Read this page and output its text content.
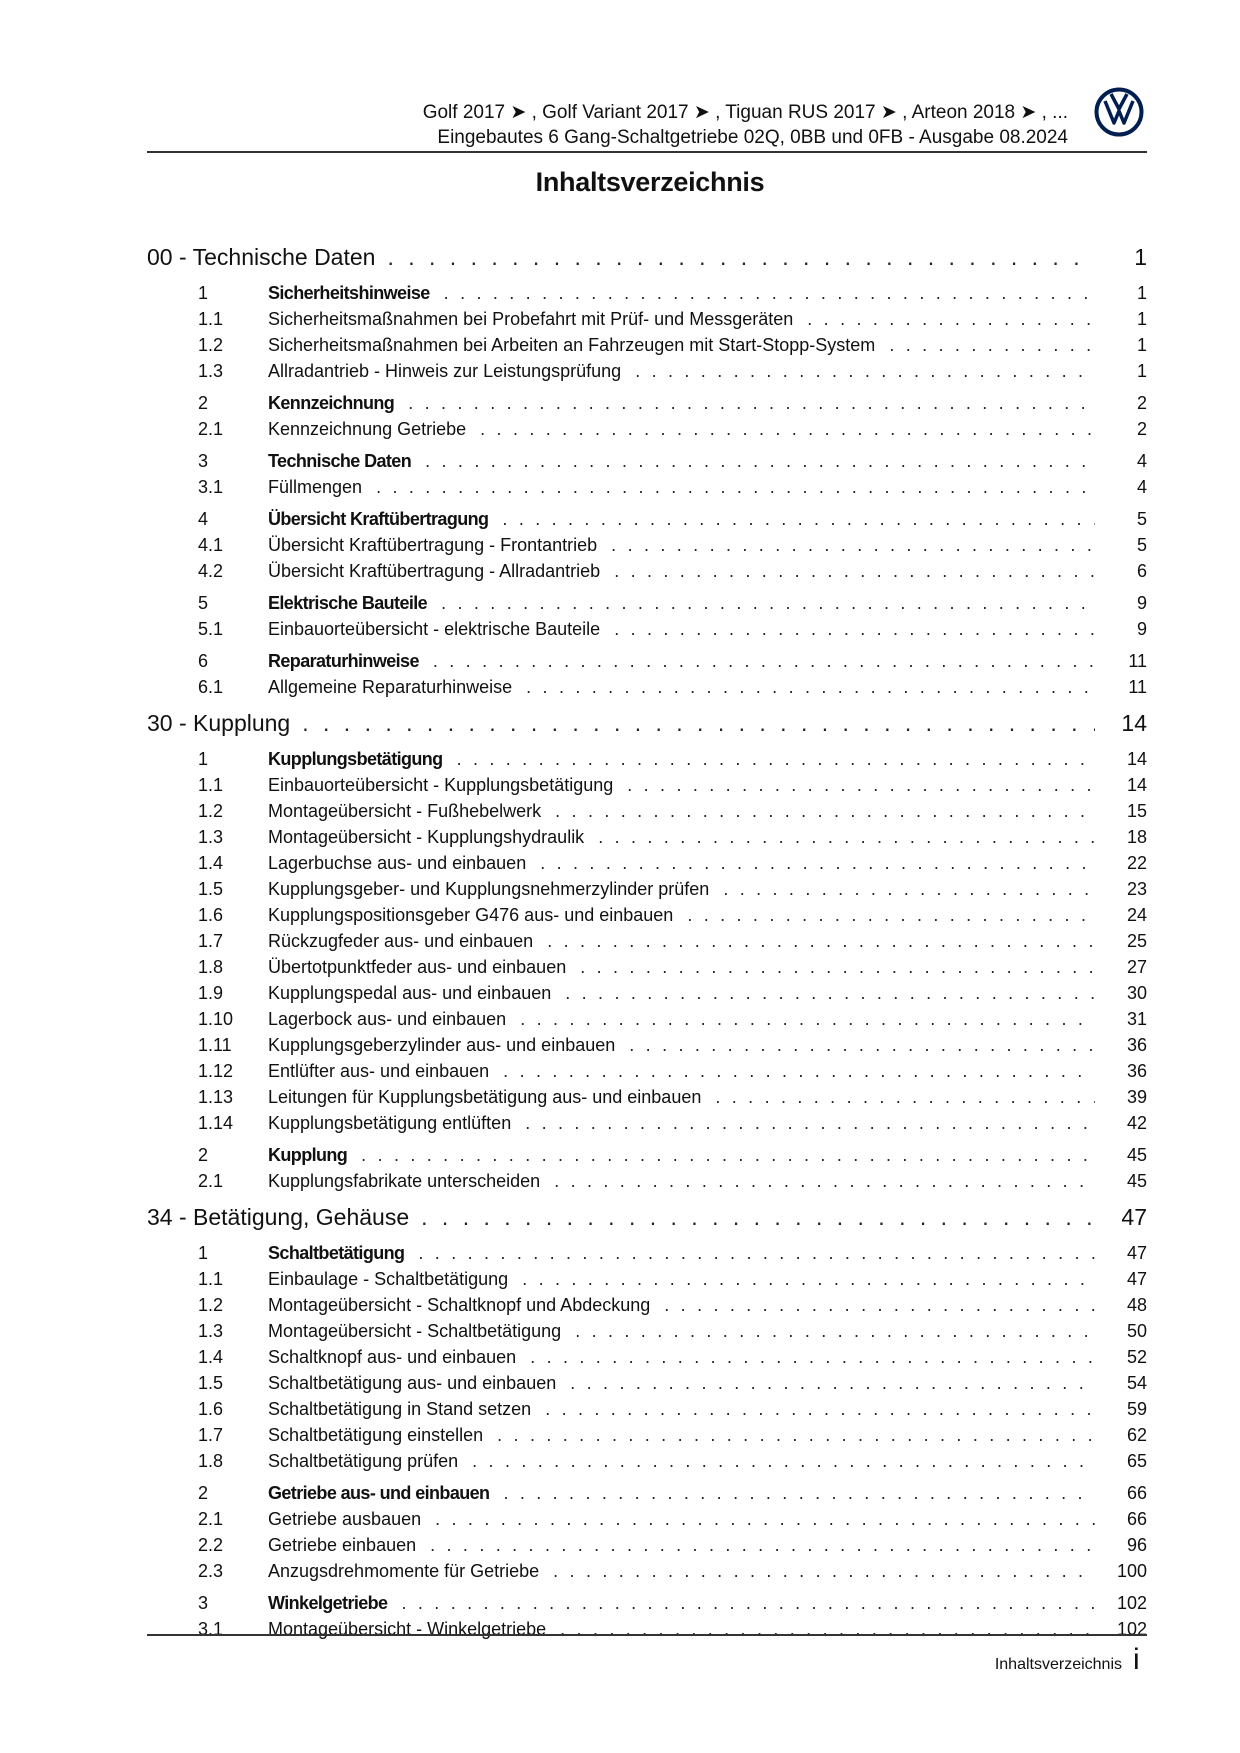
Golf 2017 ➤ , Golf Variant 2017 ➤ , Tiguan RUS 2017 ➤ , Arteon 2018 ➤ , ...
Eingebautes 6 Gang-Schaltgetriebe 02Q, 0BB und 0FB - Ausgabe 08.2024
Inhaltsverzeichnis
00 - Technische Daten . . .	1
1	Sicherheitshinweise . . .	1
1.1	Sicherheitsmaßnahmen bei Probefahrt mit Prüf- und Messgeräten . . .	1
1.2	Sicherheitsmaßnahmen bei Arbeiten an Fahrzeugen mit Start-Stopp-System . . .	1
1.3	Allradantrieb - Hinweis zur Leistungsprüfung . . .	1
2	Kennzeichnung . . .	2
2.1	Kennzeichnung Getriebe . . .	2
3	Technische Daten . . .	4
3.1	Füllmengen . . .	4
4	Übersicht Kraftübertragung . . .	5
4.1	Übersicht Kraftübertragung - Frontantrieb . . .	5
4.2	Übersicht Kraftübertragung - Allradantrieb . . .	6
5	Elektrische Bauteile . . .	9
5.1	Einbauorteübersicht - elektrische Bauteile . . .	9
6	Reparaturhinweise . . .	11
6.1	Allgemeine Reparaturhinweise . . .	11
30 - Kupplung . . .	14
1	Kupplungsbetätigung . . .	14
1.1	Einbauorteübersicht - Kupplungsbetätigung . . .	14
1.2	Montageübersicht - Fußhebelwerk . . .	15
1.3	Montageübersicht - Kupplungshydraulik . . .	18
1.4	Lagerbuchse aus- und einbauen . . .	22
1.5	Kupplungsgeber- und Kupplungsnehmerzylinder prüfen . . .	23
1.6	Kupplungspositionsgeber G476 aus- und einbauen . . .	24
1.7	Rückzugfeder aus- und einbauen . . .	25
1.8	Übertotpunktfeder aus- und einbauen . . .	27
1.9	Kupplungspedal aus- und einbauen . . .	30
1.10	Lagerbock aus- und einbauen . . .	31
1.11	Kupplungsgeberzylinder aus- und einbauen . . .	36
1.12	Entlüfter aus- und einbauen . . .	36
1.13	Leitungen für Kupplungsbetätigung aus- und einbauen . . .	39
1.14	Kupplungsbetätigung entlüften . . .	42
2	Kupplung . . .	45
2.1	Kupplungsfabrikate unterscheiden . . .	45
34 - Betätigung, Gehäuse . . .	47
1	Schaltbetätigung . . .	47
1.1	Einbaulage - Schaltbetätigung . . .	47
1.2	Montageübersicht - Schaltknopf und Abdeckung . . .	48
1.3	Montageübersicht - Schaltbetätigung . . .	50
1.4	Schaltknopf aus- und einbauen . . .	52
1.5	Schaltbetätigung aus- und einbauen . . .	54
1.6	Schaltbetätigung in Stand setzen . . .	59
1.7	Schaltbetätigung einstellen . . .	62
1.8	Schaltbetätigung prüfen . . .	65
2	Getriebe aus- und einbauen . . .	66
2.1	Getriebe ausbauen . . .	66
2.2	Getriebe einbauen . . .	96
2.3	Anzugsdrehmomente für Getriebe . . .	100
3	Winkelgetriebe . . .	102
3.1	Montageübersicht - Winkelgetriebe . . .	102
Inhaltsverzeichnis i
